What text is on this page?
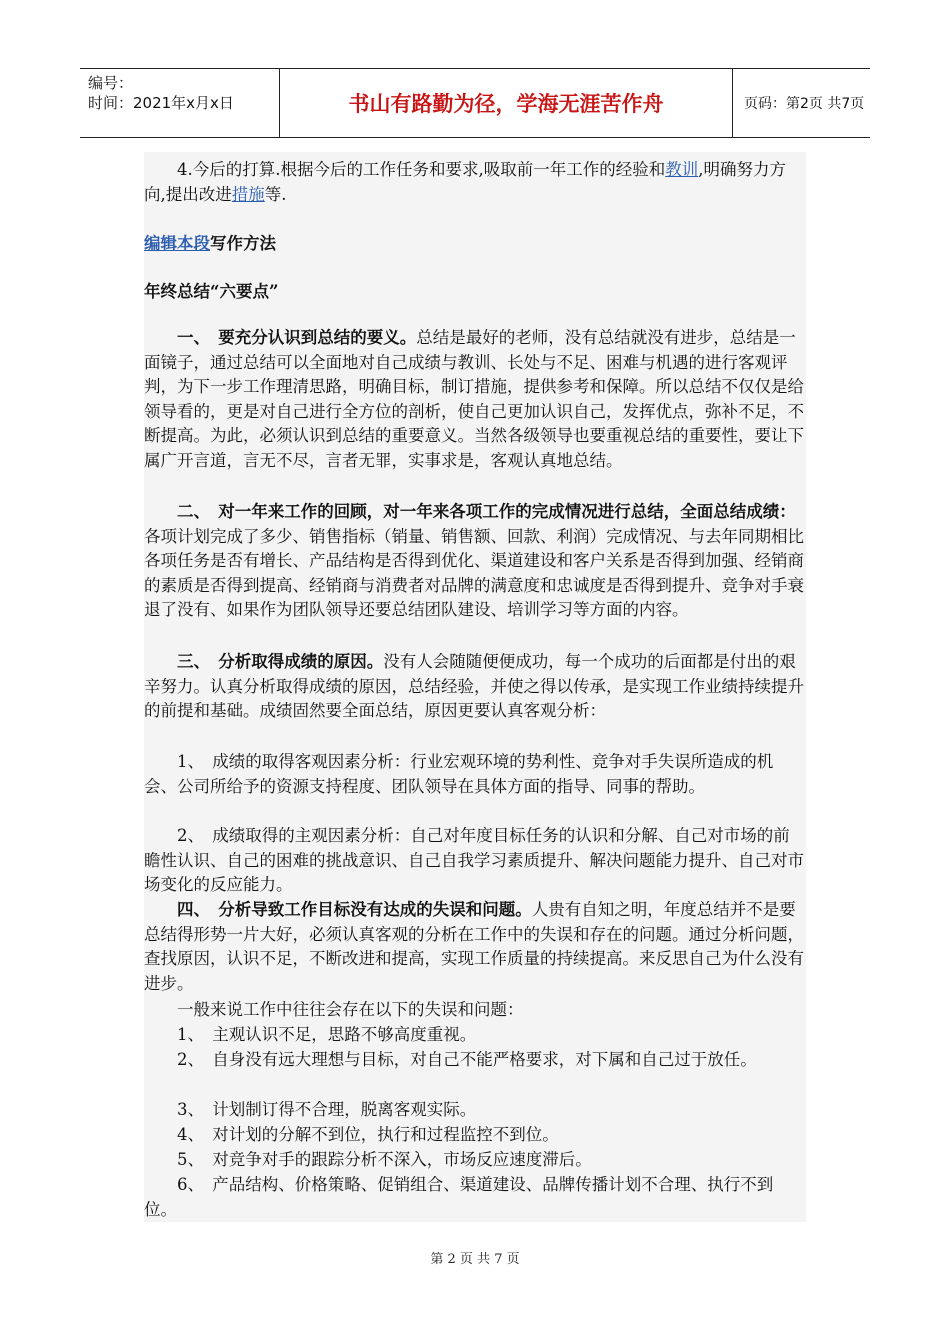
编号：
时间：2021年x月x日	书山有路勤为径，学海无涯苦作舟	页码：第2页 共7页

4.今后的打算.根据今后的工作任务和要求,吸取前一年工作的经验和教训,明确努力方向,提出改进措施等.

编辑本段写作方法

年终总结“六要点”

一、　要充分认识到总结的要义。总结是最好的老师，没有总结就没有进步，总结是一面镜子，通过总结可以全面地对自己成绩与教训、长处与不足、困难与机遇的进行客观评判，为下一步工作理清思路，明确目标，制订措施，提供参考和保障。所以总结不仅仅是给领导看的，更是对自己进行全方位的剖析，使自己更加认识自己，发挥优点，弥补不足，不断提高。为此，必须认识到总结的重要意义。当然各级领导也要重视总结的重要性，要让下属广开言道，言无不尽，言者无罪，实事求是，客观认真地总结。

二、　对一年来工作的回顾，对一年来各项工作的完成情况进行总结，全面总结成绩：各项计划完成了多少、销售指标（销量、销售额、回款、利润）完成情况、与去年同期相比各项任务是否有增长、产品结构是否得到优化、渠道建设和客户关系是否得到加强、经销商的素质是否得到提高、经销商与消费者对品牌的满意度和忠诚度是否得到提升、竞争对手衰退了没有、如果作为团队领导还要总结团队建设、培训学习等方面的内容。

三、　分析取得成绩的原因。没有人会随随便便成功，每一个成功的后面都是付出的艰辛努力。认真分析取得成绩的原因，总结经验，并使之得以传承，是实现工作业绩持续提升的前提和基础。成绩固然要全面总结，原因更要认真客观分析：

1、　成绩的取得客观因素分析：行业宏观环境的势利性、竞争对手失误所造成的机会、公司所给予的资源支持程度、团队领导在具体方面的指导、同事的帮助。

2、　成绩取得的主观因素分析：自己对年度目标任务的认识和分解、自己对市场的前瞻性认识、自己的困难的挑战意识、自己自我学习素质提升、解决问题能力提升、自己对市场变化的反应能力。

四、　分析导致工作目标没有达成的失误和问题。人贵有自知之明，年度总结并不是要总结得形势一片大好，必须认真客观的分析在工作中的失误和存在的问题。通过分析问题，查找原因，认识不足，不断改进和提高，实现工作质量的持续提高。来反思自己为什么没有进步。

一般来说工作中往往会存在以下的失误和问题：

1、　主观认识不足，思路不够高度重视。

2、　自身没有远大理想与目标，对自己不能严格要求，对下属和自己过于放任。

3、　计划制订得不合理，脱离客观实际。

4、　对计划的分解不到位，执行和过程监控不到位。

5、　对竞争对手的跟踪分析不深入，市场反应速度滞后。

6、　产品结构、价格策略、促销组合、渠道建设、品牌传播计划不合理、执行不到位。

第 2 页 共 7 页
